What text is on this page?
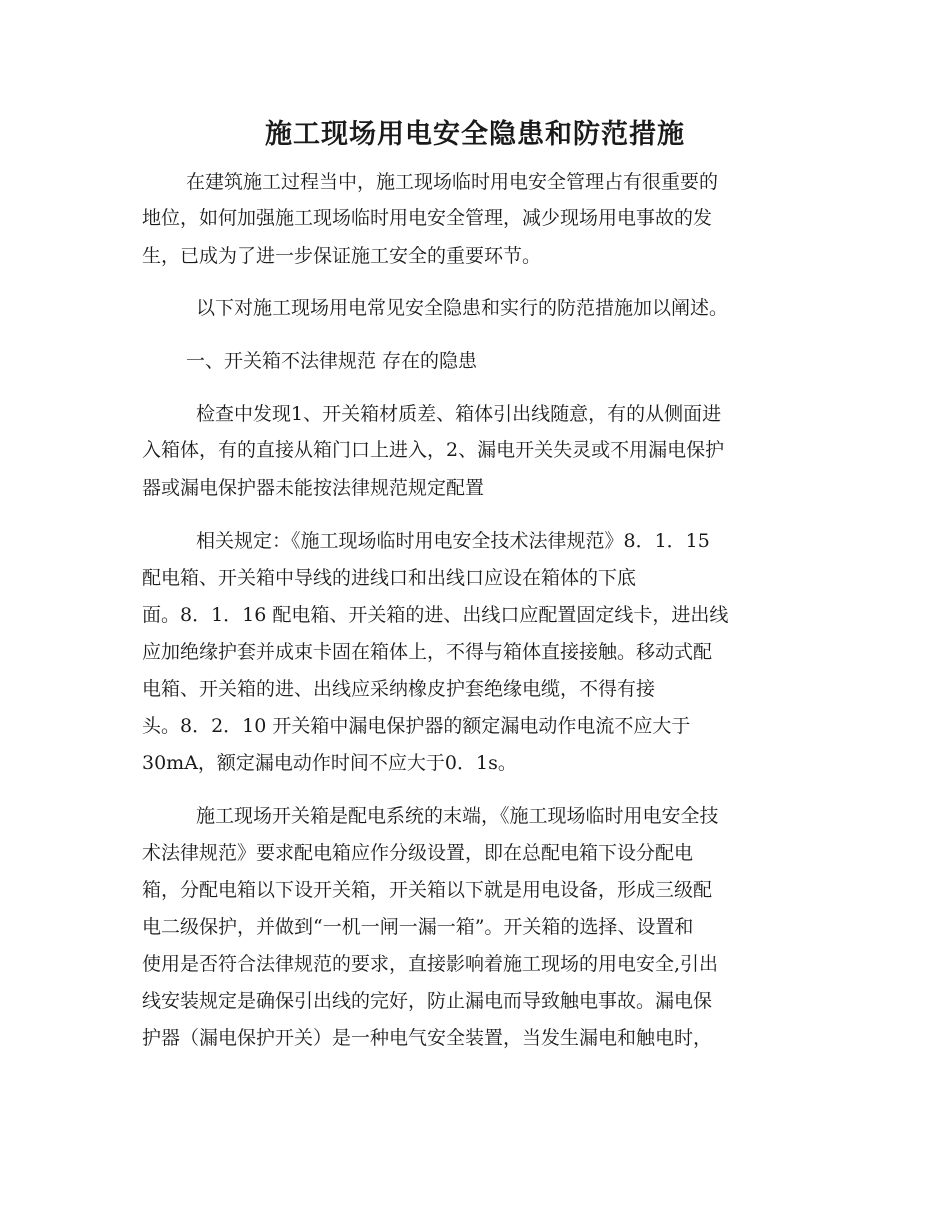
施工现场用电安全隐患和防范措施

在建筑施工过程当中，施工现场临时用电安全管理占有很重要的

地位，如何加强施工现场临时用电安全管理，减少现场用电事故的发

生，已成为了进一步保证施工安全的重要环节。

以下对施工现场用电常见安全隐患和实行的防范措施加以阐述。

一、开关箱不法律规范 存在的隐患

检查中发现1、开关箱材质差、箱体引出线随意，有的从侧面进

入箱体，有的直接从箱门口上进入，2、漏电开关失灵或不用漏电保护

器或漏电保护器未能按法律规范规定配置

相关规定：《施工现场临时用电安全技术法律规范》8．1．15

配电箱、开关箱中导线的进线口和出线口应设在箱体的下底

面。8．1．16 配电箱、开关箱的进、出线口应配置固定线卡，进出线

应加绝缘护套并成束卡固在箱体上，不得与箱体直接接触。移动式配

电箱、开关箱的进、出线应采纳橡皮护套绝缘电缆，不得有接

头。8．2．10 开关箱中漏电保护器的额定漏电动作电流不应大于

30mA，额定漏电动作时间不应大于0．1s。

施工现场开关箱是配电系统的末端，《施工现场临时用电安全技

术法律规范》要求配电箱应作分级设置，即在总配电箱下设分配电

箱，分配电箱以下设开关箱，开关箱以下就是用电设备，形成三级配

电二级保护，并做到“一机一闸一漏一箱”。开关箱的选择、设置和

使用是否符合法律规范的要求，直接影响着施工现场的用电安全,引出

线安装规定是确保引出线的完好，防止漏电而导致触电事故。漏电保

护器（漏电保护开关）是一种电气安全装置，当发生漏电和触电时，
